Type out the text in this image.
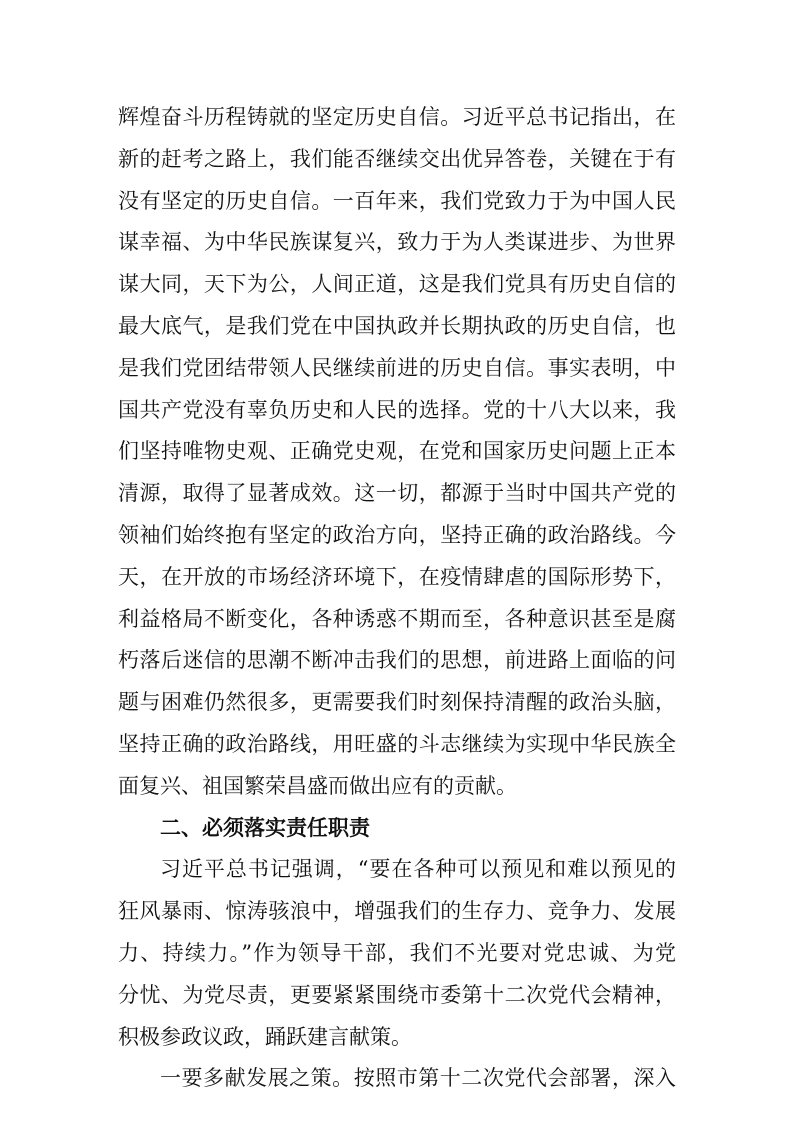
辉煌奋斗历程铸就的坚定历史自信。习近平总书记指出，在
新的赶考之路上，我们能否继续交出优异答卷，关键在于有
没有坚定的历史自信。一百年来，我们党致力于为中国人民
谋幸福、为中华民族谋复兴，致力于为人类谋进步、为世界
谋大同，天下为公，人间正道，这是我们党具有历史自信的
最大底气，是我们党在中国执政并长期执政的历史自信，也
是我们党团结带领人民继续前进的历史自信。事实表明，中
国共产党没有辜负历史和人民的选择。党的十八大以来，我
们坚持唯物史观、正确党史观，在党和国家历史问题上正本
清源，取得了显著成效。这一切，都源于当时中国共产党的
领袖们始终抱有坚定的政治方向，坚持正确的政治路线。今
天，在开放的市场经济环境下，在疫情肆虐的国际形势下，
利益格局不断变化，各种诱惑不期而至，各种意识甚至是腐
朽落后迷信的思潮不断冲击我们的思想，前进路上面临的问
题与困难仍然很多，更需要我们时刻保持清醒的政治头脑，
坚持正确的政治路线，用旺盛的斗志继续为实现中华民族全
面复兴、祖国繁荣昌盛而做出应有的贡献。
二、必须落实责任职责
习近平总书记强调，“要在各种可以预见和难以预见的
狂风暴雨、惊涛骇浪中，增强我们的生存力、竞争力、发展
力、持续力。”作为领导干部，我们不光要对党忠诚、为党
分忧、为党尽责，更要紧紧围绕市委第十二次党代会精神，
积极参政议政，踊跃建言献策。
一要多献发展之策。按照市第十二次党代会部署，深入
